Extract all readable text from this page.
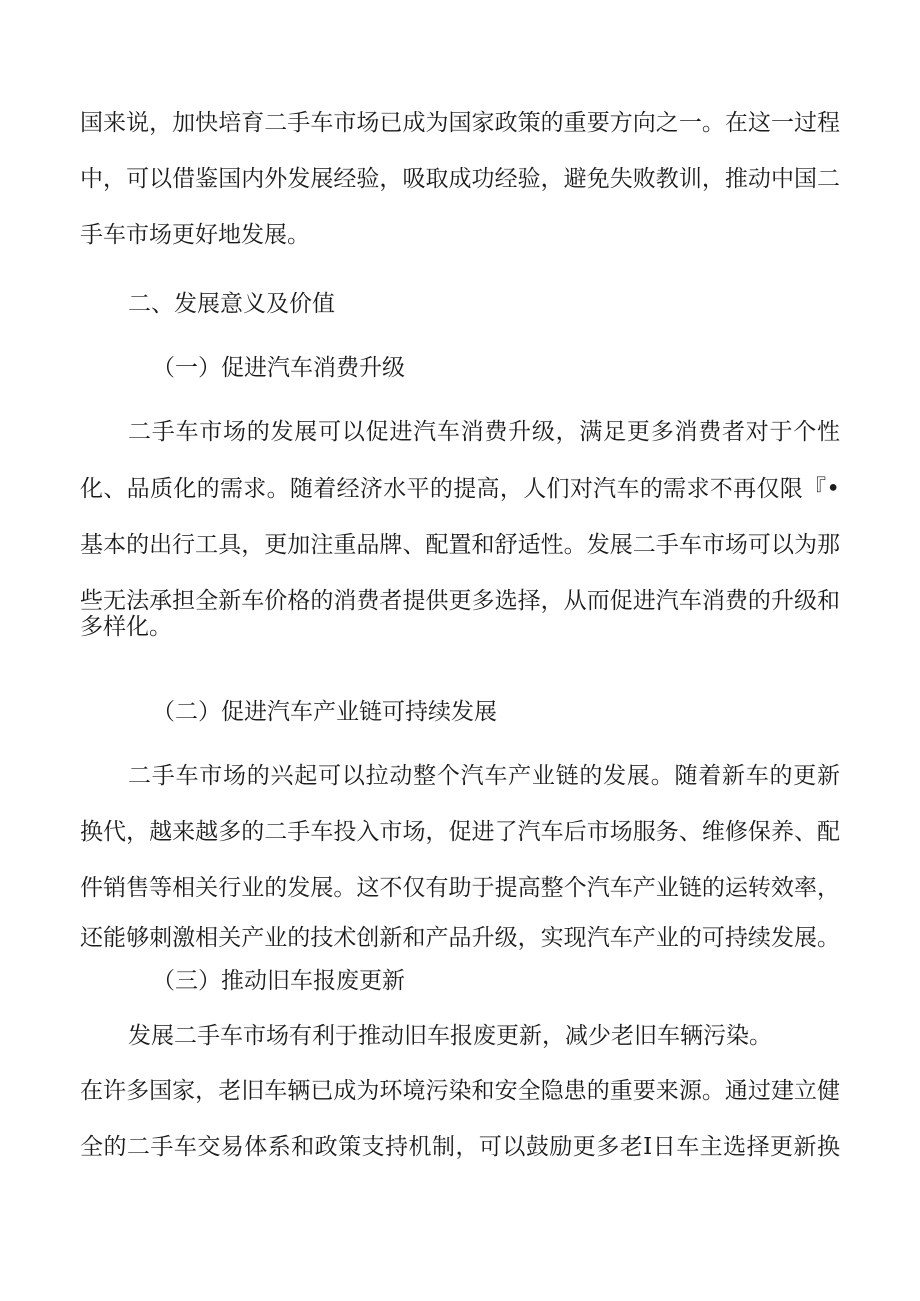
国来说，加快培育二手车市场已成为国家政策的重要方向之一。在这一过程
中，可以借鉴国内外发展经验，吸取成功经验，避免失败教训，推动中国二
手车市场更好地发展。
二、发展意义及价值
（一）促进汽车消费升级
二手车市场的发展可以促进汽车消费升级，满足更多消费者对于个性
化、品质化的需求。随着经济水平的提高，人们对汽车的需求不再仅限『•
基本的出行工具，更加注重品牌、配置和舒适性。发展二手车市场可以为那
些无法承担全新车价格的消费者提供更多选择，从而促进汽车消费的升级和
多样化。
（二）促进汽车产业链可持续发展
二手车市场的兴起可以拉动整个汽车产业链的发展。随着新车的更新
换代，越来越多的二手车投入市场，促进了汽车后市场服务、维修保养、配
件销售等相关行业的发展。这不仅有助于提高整个汽车产业链的运转效率，
还能够刺激相关产业的技术创新和产品升级，实现汽车产业的可持续发展。
（三）推动旧车报废更新
发展二手车市场有利于推动旧车报废更新，减少老旧车辆污染。
在许多国家，老旧车辆已成为环境污染和安全隐患的重要来源。通过建立健
全的二手车交易体系和政策支持机制，可以鼓励更多老I日车主选择更新换
